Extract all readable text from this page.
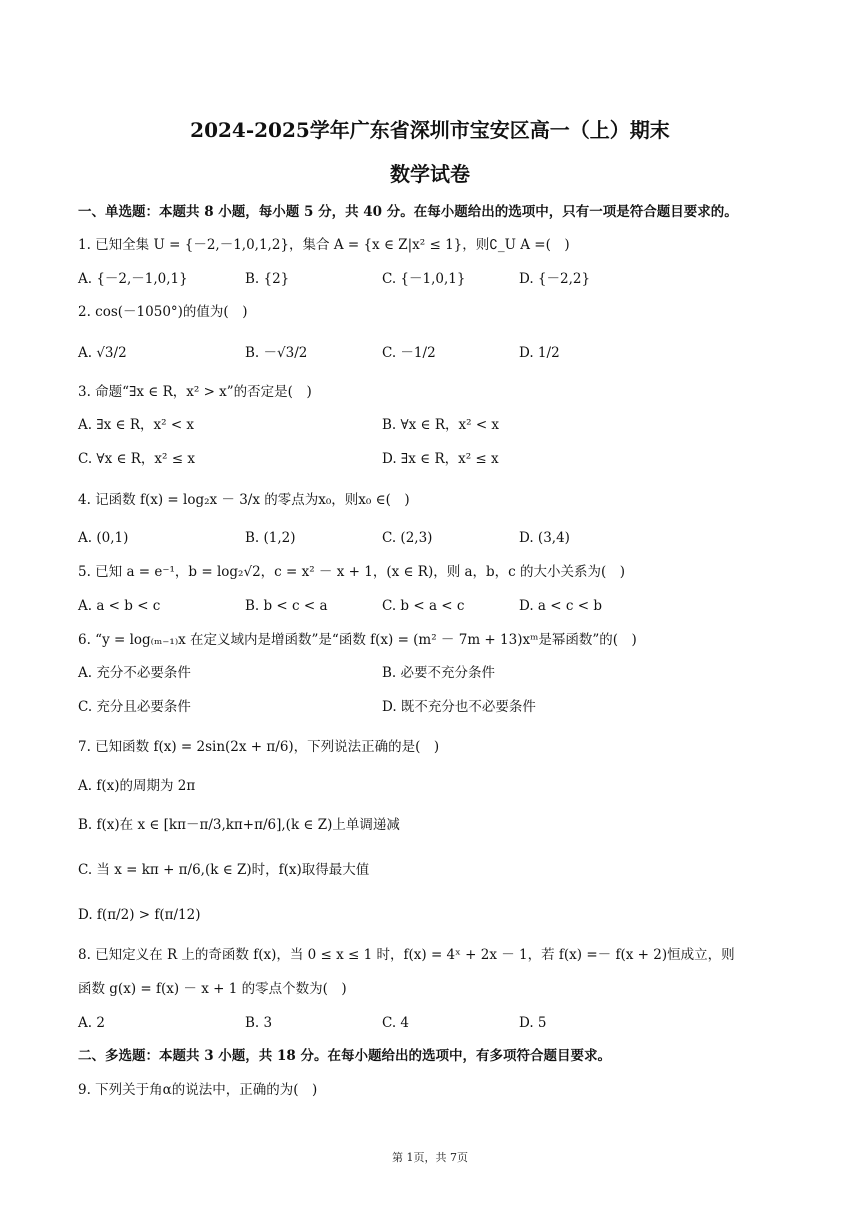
2024-2025学年广东省深圳市宝安区高一（上）期末
数学试卷
一、单选题：本题共 8 小题，每小题 5 分，共 40 分。在每小题给出的选项中，只有一项是符合题目要求的。
1. 已知全集 U = {－2,－1,0,1,2}，集合 A = {x ∈ Z|x² ≤ 1}，则∁_U A =(　)
A. {－2,－1,0,1}	B. {2}	C. {－1,0,1}	D. {－2,2}
2. cos(－1050°)的值为(　)
A. √3/2	B. －√3/2	C. －1/2	D. 1/2
3. 命题“∃x ∈ R，x² > x”的否定是(　)
A. ∃x ∈ R，x² < x	B. ∀x ∈ R，x² < x
C. ∀x ∈ R，x² ≤ x	D. ∃x ∈ R，x² ≤ x
4. 记函数 f(x) = log₂x － 3/x 的零点为x₀，则x₀ ∈(　)
A. (0,1)	B. (1,2)	C. (2,3)	D. (3,4)
5. 已知 a = e⁻¹，b = log₂√2，c = x² － x + 1，(x ∈ R)，则 a，b，c 的大小关系为(　)
A. a < b < c	B. b < c < a	C. b < a < c	D. a < c < b
6. “y = log₍ₘ₋₁₎x 在定义域内是增函数”是“函数 f(x) = (m² － 7m + 13)xᵐ是幂函数”的(　)
A. 充分不必要条件	B. 必要不充分条件
C. 充分且必要条件	D. 既不充分也不必要条件
7. 已知函数 f(x) = 2sin(2x + π/6)，下列说法正确的是(　)
A. f(x)的周期为 2π
B. f(x)在 x ∈ [kπ－π/3,kπ+π/6],(k ∈ Z)上单调递减
C. 当 x = kπ + π/6,(k ∈ Z)时，f(x)取得最大值
D. f(π/2) > f(π/12)
8. 已知定义在 R 上的奇函数 f(x)，当 0 ≤ x ≤ 1 时，f(x) = 4ˣ + 2x － 1，若 f(x) =－ f(x + 2)恒成立，则
函数 g(x) = f(x) － x + 1 的零点个数为(　)
A. 2	B. 3	C. 4	D. 5
二、多选题：本题共 3 小题，共 18 分。在每小题给出的选项中，有多项符合题目要求。
9. 下列关于角α的说法中，正确的为(　)
第 1页，共 7页
